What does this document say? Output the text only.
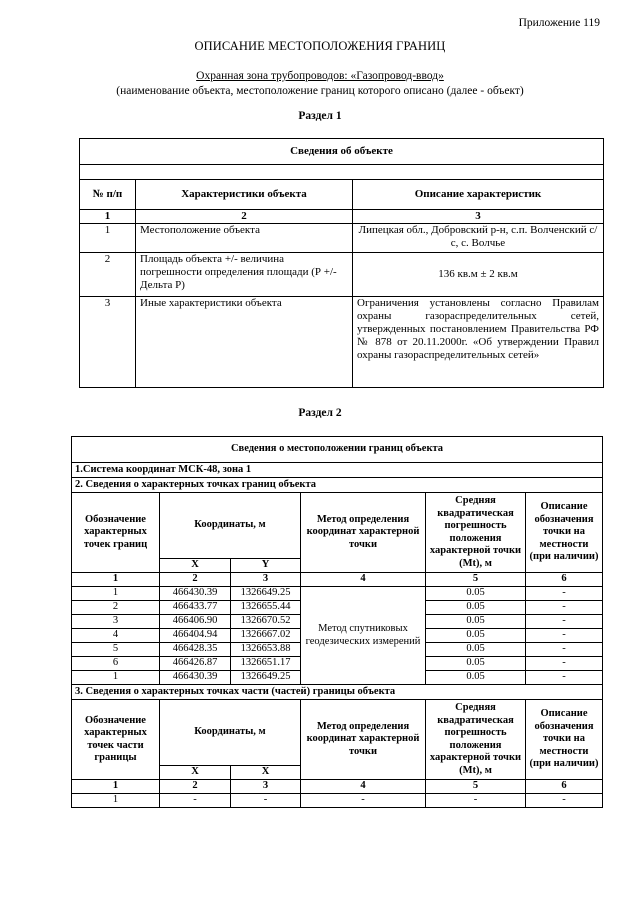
Приложение 119
ОПИСАНИЕ МЕСТОПОЛОЖЕНИЯ ГРАНИЦ
Охранная зона трубопроводов: «Газопровод-ввод»
(наименование объекта, местоположение границ которого описано (далее - объект)
Раздел 1
Сведения об объекте		

№ п/п	Характеристики объекта	Описание характеристик
1	2	3
1	Местоположение объекта	Липецкая обл., Добровский р-н, с.п. Волченский с/с, с. Волчье
2	Площадь объекта +/- величина погрешности определения площади (Р +/- Дельта Р)	136 кв.м ± 2 кв.м
3	Иные характеристики объекта	Ограничения установлены согласно Правилам охраны газораспределительных сетей, утвержденных постановлением Правительства РФ № 878 от 20.11.2000г. «Об утверждении Правил охраны газораспределительных сетей»
Раздел 2
Сведения о местоположении границ объекта					
1.Система координат МСК-48, зона 1					
2. Сведения о характерных точках границ объекта					
Обозначение характерных точек границ	Координаты, м		Метод определения координат характерной точки	Средняя квадратическая погрешность положения характерной точки (Mt), м	Описание обозначения точки на местности (при наличии)
	X	Y			
1	2	3	4	5	6
1	466430.39	1326649.25	Метод спутниковых геодезических измерений	0.05	-
2	466433.77	1326655.44		0.05	-
3	466406.90	1326670.52		0.05	-
4	466404.94	1326667.02		0.05	-
5	466428.35	1326653.88		0.05	-
6	466426.87	1326651.17		0.05	-
1	466430.39	1326649.25		0.05	-
3. Сведения о характерных точках части (частей) границы объекта					
Обозначение характерных точек части границы	Координаты, м		Метод определения координат характерной точки	Средняя квадратическая погрешность положения характерной точки (Mt), м	Описание обозначения точки на местности (при наличии)
	X	X			
1	2	3	4	5	6
1	-	-	-	-	-
